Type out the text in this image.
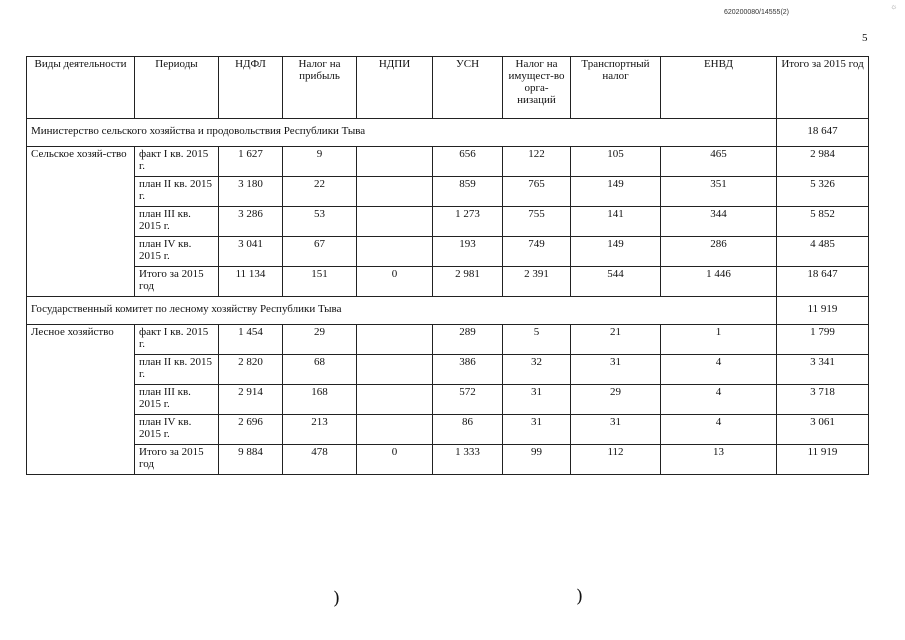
620200080/14555(2)
☼
5
Виды деятельности	Периоды	НДФЛ	Налог на прибыль	НДПИ	УСН	Налог на имущест-во орга-низаций	Транспортный налог	ЕНВД	Итого за 2015 год
Министерство сельского хозяйства и продовольствия Республики Тыва									18 647
Сельское хозяй-ство	факт I кв. 2015 г.	1 627	9		656	122	105	465	2 984
	план II кв. 2015 г.	3 180	22		859	765	149	351	5 326
	план III кв. 2015 г.	3 286	53		1 273	755	141	344	5 852
	план IV кв. 2015 г.	3 041	67		193	749	149	286	4 485
	Итого за 2015 год	11 134	151	0	2 981	2 391	544	1 446	18 647
Государственный комитет по лесному хозяйству Республики Тыва									11 919
Лесное хозяйство	факт I кв. 2015 г.	1 454	29		289	5	21	1	1 799
	план II кв. 2015 г.	2 820	68		386	32	31	4	3 341
	план III кв. 2015 г.	2 914	168		572	31	29	4	3 718
	план IV кв. 2015 г.	2 696	213		86	31	31	4	3 061
	Итого за 2015 год	9 884	478	0	1 333	99	112	13	11 919
)	)
